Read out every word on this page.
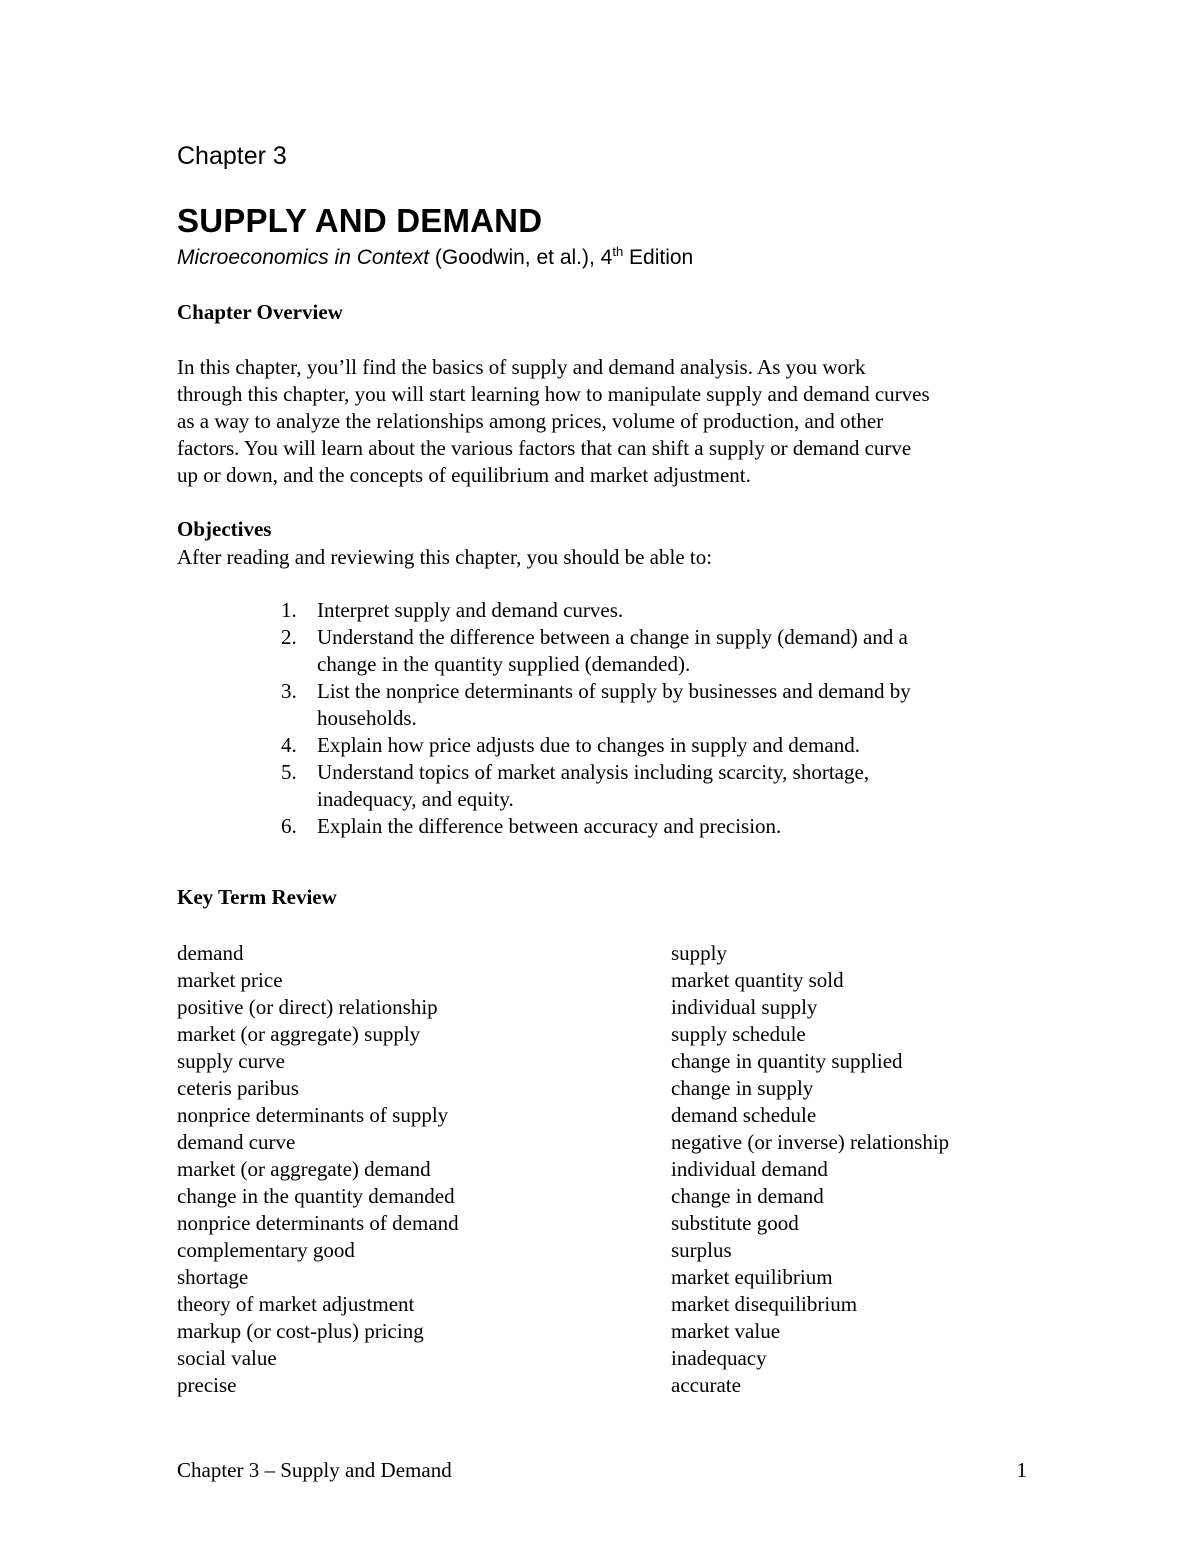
Chapter 3
SUPPLY AND DEMAND
Microeconomics in Context (Goodwin, et al.), 4th Edition
Chapter Overview
In this chapter, you’ll find the basics of supply and demand analysis. As you work
through this chapter, you will start learning how to manipulate supply and demand curves
as a way to analyze the relationships among prices, volume of production, and other
factors. You will learn about the various factors that can shift a supply or demand curve
up or down, and the concepts of equilibrium and market adjustment.
Objectives
After reading and reviewing this chapter, you should be able to:
1. Interpret supply and demand curves.
2. Understand the difference between a change in supply (demand) and a
change in the quantity supplied (demanded).
3. List the nonprice determinants of supply by businesses and demand by
households.
4. Explain how price adjusts due to changes in supply and demand.
5. Understand topics of market analysis including scarcity, shortage,
inadequacy, and equity.
6. Explain the difference between accuracy and precision.
Key Term Review
demand
market price
positive (or direct) relationship
market (or aggregate) supply
supply curve
ceteris paribus
nonprice determinants of supply
demand curve
market (or aggregate) demand
change in the quantity demanded
nonprice determinants of demand
complementary good
shortage
theory of market adjustment
markup (or cost-plus) pricing
social value
precise
supply
market quantity sold
individual supply
supply schedule
change in quantity supplied
change in supply
demand schedule
negative (or inverse) relationship
individual demand
change in demand
substitute good
surplus
market equilibrium
market disequilibrium
market value
inadequacy
accurate
Chapter 3 – Supply and Demand	1
